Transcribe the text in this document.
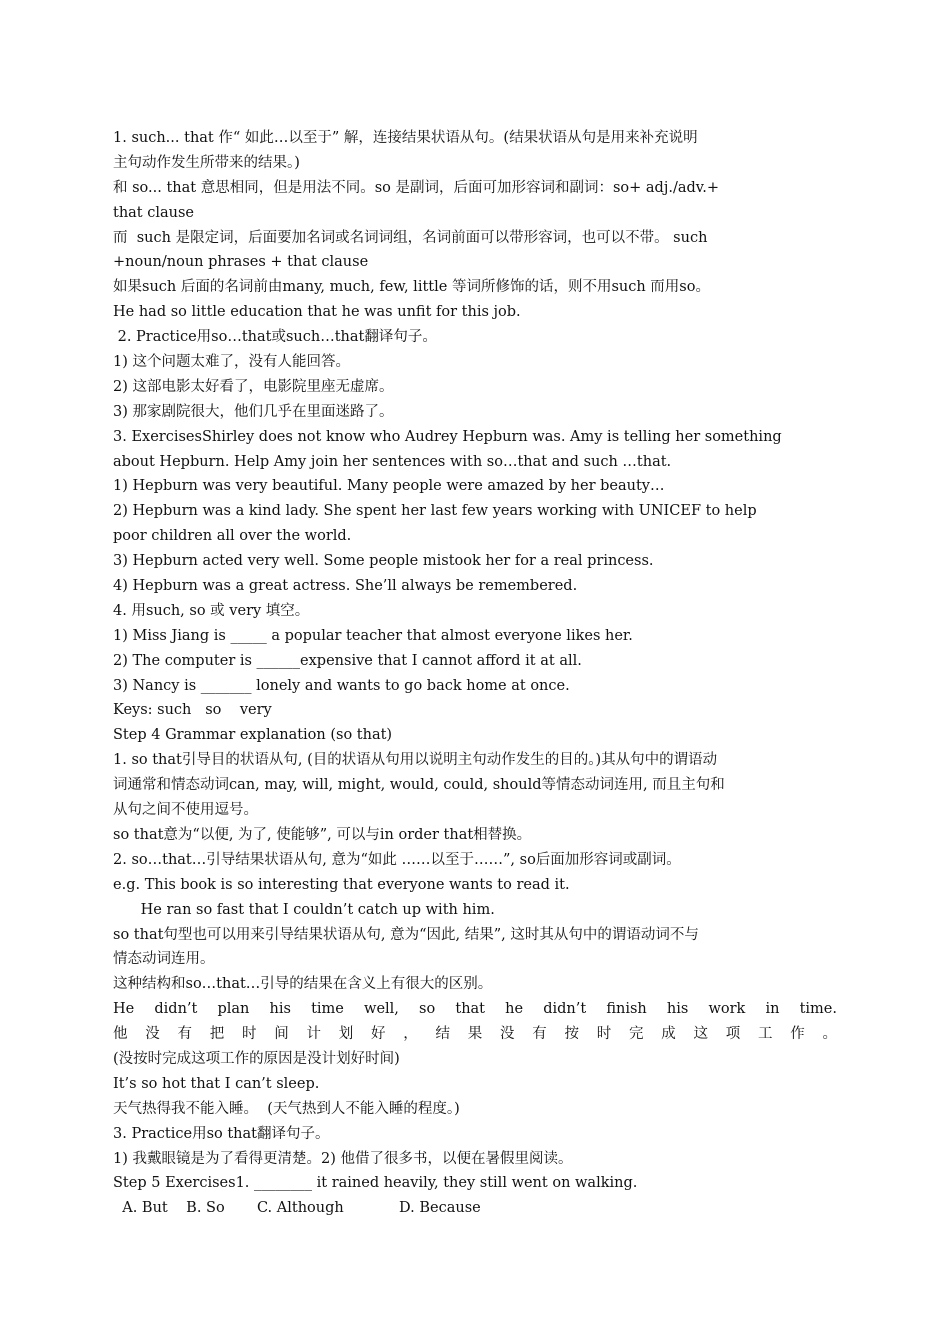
1. such... that 作“ 如此…以至于” 解，连接结果状语从句。(结果状语从句是用来补充说明
主句动作发生所带来的结果。)
和 so... that 意思相同，但是用法不同。so 是副词，后面可加形容词和副词：so+ adj./adv.+
that clause
而  such 是限定词，后面要加名词或名词词组，名词前面可以带形容词，也可以不带。 such
+noun/noun phrases + that clause
如果such 后面的名词前由many, much, few, little 等词所修饰的话，则不用such 而用so。
He had so little education that he was unfit for this job.
2. Practice用so…that或such…that翻译句子。
1) 这个问题太难了，没有人能回答。
2) 这部电影太好看了，电影院里座无虚席。
3) 那家剧院很大，他们几乎在里面迷路了。
3. ExercisesShirley does not know who Audrey Hepburn was. Amy is telling her something
about Hepburn. Help Amy join her sentences with so…that and such …that.
1) Hepburn was very beautiful. Many people were amazed by her beauty…
2) Hepburn was a kind lady. She spent her last few years working with UNICEF to help
poor children all over the world.
3) Hepburn acted very well. Some people mistook her for a real princess.
4) Hepburn was a great actress. She’ll always be remembered.
4. 用such, so 或 very 填空。
1) Miss Jiang is _____ a popular teacher that almost everyone likes her.
2) The computer is ______expensive that I cannot afford it at all.
3) Nancy is _______ lonely and wants to go back home at once.
Keys: such   so    very
Step 4 Grammar explanation (so that)
1. so that引导目的状语从句, (目的状语从句用以说明主句动作发生的目的。)其从句中的谓语动
词通常和情态动词can, may, will, might, would, could, should等情态动词连用, 而且主句和
从句之间不使用逗号。
so that意为“以便, 为了, 使能够”, 可以与in order that相替换。
2. so…that…引导结果状语从句, 意为“如此 ……以至于……”, so后面加形容词或副词。
e.g. This book is so interesting that everyone wants to read it.
He ran so fast that I couldn’t catch up with him.
so that句型也可以用来引导结果状语从句, 意为“因此, 结果”, 这时其从句中的谓语动词不与
情态动词连用。
这种结构和so…that…引导的结果在含义上有很大的区别。
He didn’t plan his time well, so that he didn’t finish his work in time.
他 没 有 把 时 间 计 划 好 ， 结 果 没 有 按 时 完 成 这 项 工 作 。
(没按时完成这项工作的原因是没计划好时间)
It’s so hot that I can’t sleep.
天气热得我不能入睡。  (天气热到人不能入睡的程度。)
3. Practice用so that翻译句子。
1) 我戴眼镜是为了看得更清楚。2) 他借了很多书，以便在暑假里阅读。
Step 5 Exercises1. ________ it rained heavily, they still went on walking.
A. But    B. So       C. Although            D. Because
